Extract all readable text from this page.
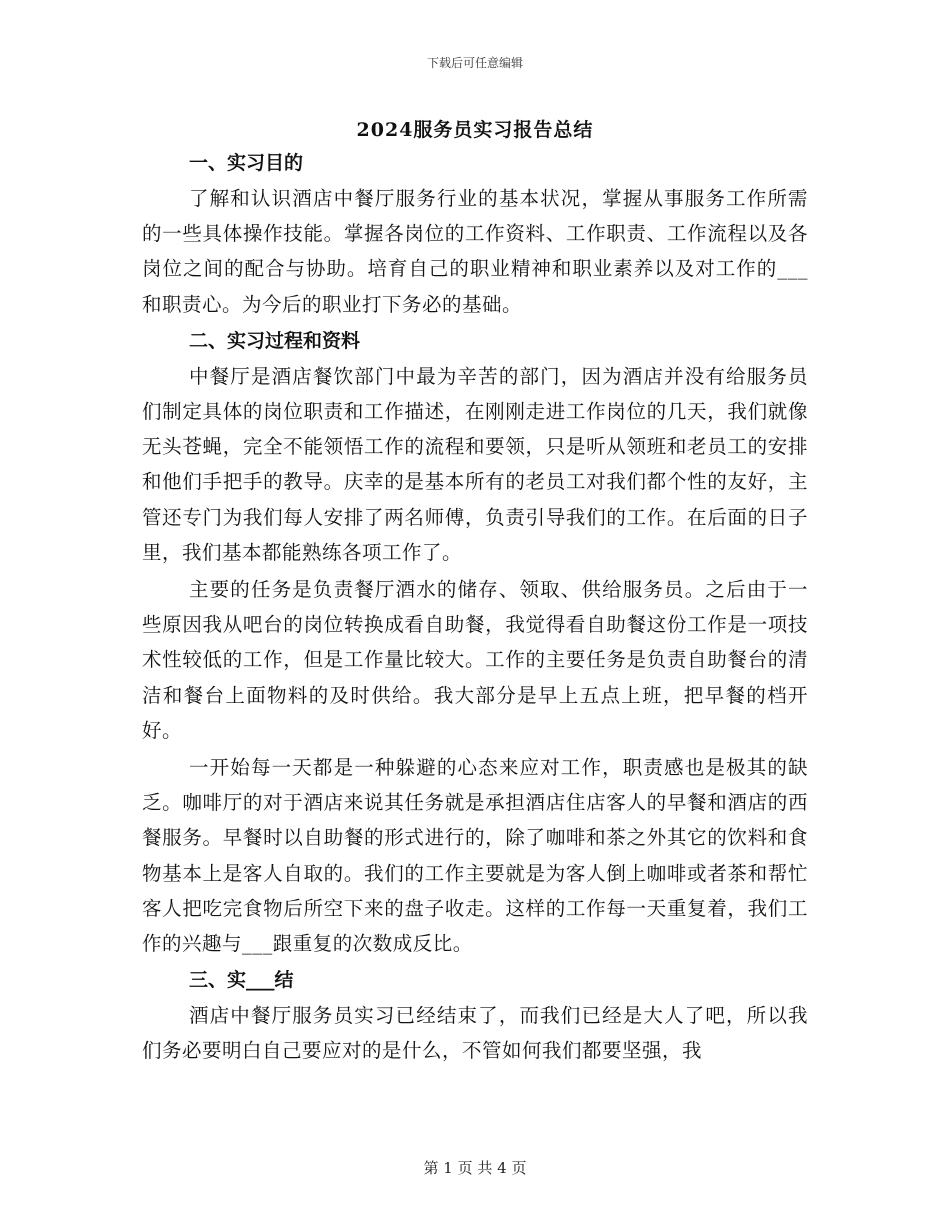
下载后可任意编辑
2024服务员实习报告总结

一、实习目的

了解和认识酒店中餐厅服务行业的基本状况，掌握从事服务工作所需的一些具体操作技能。掌握各岗位的工作资料、工作职责、工作流程以及各岗位之间的配合与协助。培育自己的职业精神和职业素养以及对工作的___和职责心。为今后的职业打下务必的基础。

二、实习过程和资料

中餐厅是酒店餐饮部门中最为辛苦的部门，因为酒店并没有给服务员们制定具体的岗位职责和工作描述，在刚刚走进工作岗位的几天，我们就像无头苍蝇，完全不能领悟工作的流程和要领，只是听从领班和老员工的安排和他们手把手的教导。庆幸的是基本所有的老员工对我们都个性的友好，主管还专门为我们每人安排了两名师傅，负责引导我们的工作。在后面的日子里，我们基本都能熟练各项工作了。

主要的任务是负责餐厅酒水的储存、领取、供给服务员。之后由于一些原因我从吧台的岗位转换成看自助餐，我觉得看自助餐这份工作是一项技术性较低的工作，但是工作量比较大。工作的主要任务是负责自助餐台的清洁和餐台上面物料的及时供给。我大部分是早上五点上班，把早餐的档开好。

一开始每一天都是一种躲避的心态来应对工作，职责感也是极其的缺乏。咖啡厅的对于酒店来说其任务就是承担酒店住店客人的早餐和酒店的西餐服务。早餐时以自助餐的形式进行的，除了咖啡和茶之外其它的饮料和食物基本上是客人自取的。我们的工作主要就是为客人倒上咖啡或者茶和帮忙客人把吃完食物后所空下来的盘子收走。这样的工作每一天重复着，我们工作的兴趣与___跟重复的次数成反比。

三、实___结

酒店中餐厅服务员实习已经结束了，而我们已经是大人了吧，所以我们务必要明白自己要应对的是什么，不管如何我们都要坚强，我

第 1 页 共 4 页
